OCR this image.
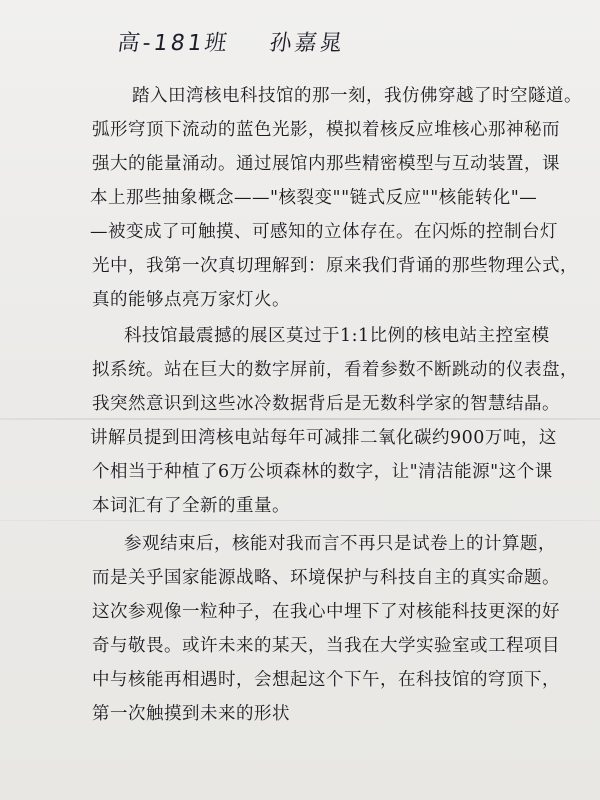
高-181班 孙嘉晁
踏入田湾核电科技馆的那一刻，我仿佛穿越了时空隧道。
弧形穹顶下流动的蓝色光影，模拟着核反应堆核心那神秘而
强大的能量涌动。通过展馆内那些精密模型与互动装置，课
本上那些抽象概念——"核裂变""链式反应""核能转化"—
—被变成了可触摸、可感知的立体存在。在闪烁的控制台灯
光中，我第一次真切理解到：原来我们背诵的那些物理公式，
真的能够点亮万家灯火。
科技馆最震撼的展区莫过于1:1比例的核电站主控室模
拟系统。站在巨大的数字屏前，看着参数不断跳动的仪表盘，
我突然意识到这些冰冷数据背后是无数科学家的智慧结晶。
讲解员提到田湾核电站每年可减排二氧化碳约900万吨，这
个相当于种植了6万公顷森林的数字，让"清洁能源"这个课
本词汇有了全新的重量。
参观结束后，核能对我而言不再只是试卷上的计算题，
而是关乎国家能源战略、环境保护与科技自主的真实命题。
这次参观像一粒种子，在我心中埋下了对核能科技更深的好
奇与敬畏。或许未来的某天，当我在大学实验室或工程项目
中与核能再相遇时，会想起这个下午，在科技馆的穹顶下，
第一次触摸到未来的形状
